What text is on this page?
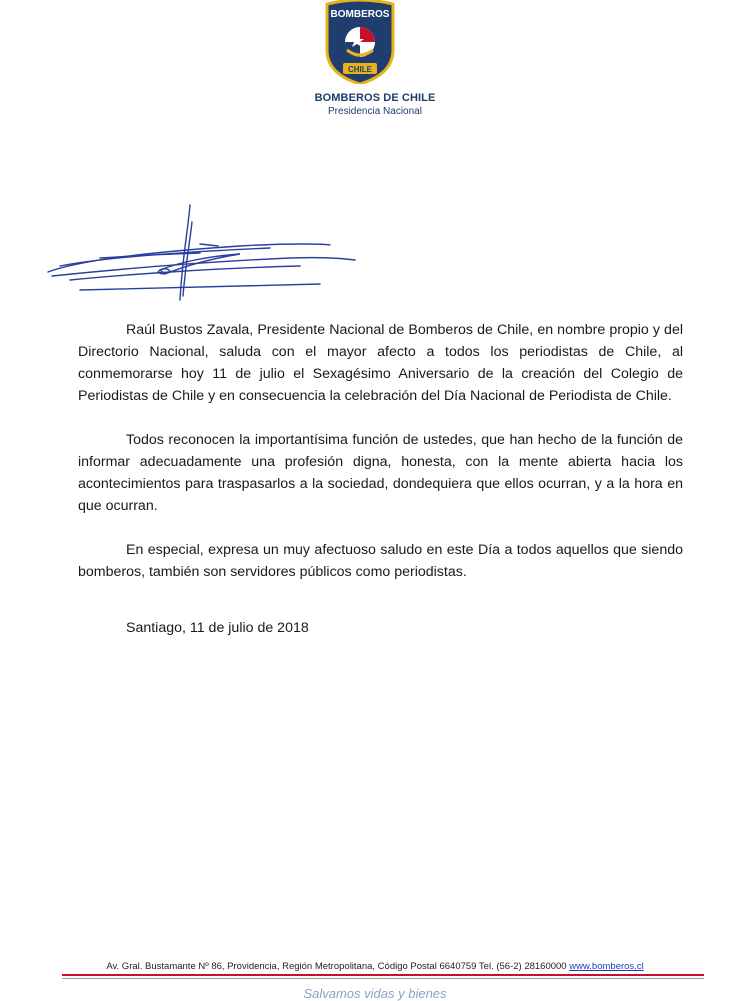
BOMBEROS
CHILE
BOMBEROS DE CHILE
Presidencia Nacional

Raúl Bustos Zavala, Presidente Nacional de Bomberos de Chile, en nombre propio y del Directorio Nacional, saluda con el mayor afecto a todos los periodistas de Chile, al conmemorarse hoy 11 de julio el Sexagésimo Aniversario de la creación del Colegio de Periodistas de Chile y en consecuencia la celebración del Día Nacional de Periodista de Chile.

Todos reconocen la importantísima función de ustedes, que han hecho de la función de informar adecuadamente una profesión digna, honesta, con la mente abierta hacia los acontecimientos para traspasarlos a la sociedad, dondequiera que ellos ocurran, y a la hora en que ocurran.

En especial, expresa un muy afectuoso saludo en este Día a todos aquellos que siendo bomberos, también son servidores públicos como periodistas.

Santiago, 11 de julio de 2018

Av. Gral. Bustamante Nº 86, Providencia, Región Metropolitana, Código Postal 6640759 Tel. (56-2) 28160000 www.bomberos.cl
Salvamos vidas y bienes
